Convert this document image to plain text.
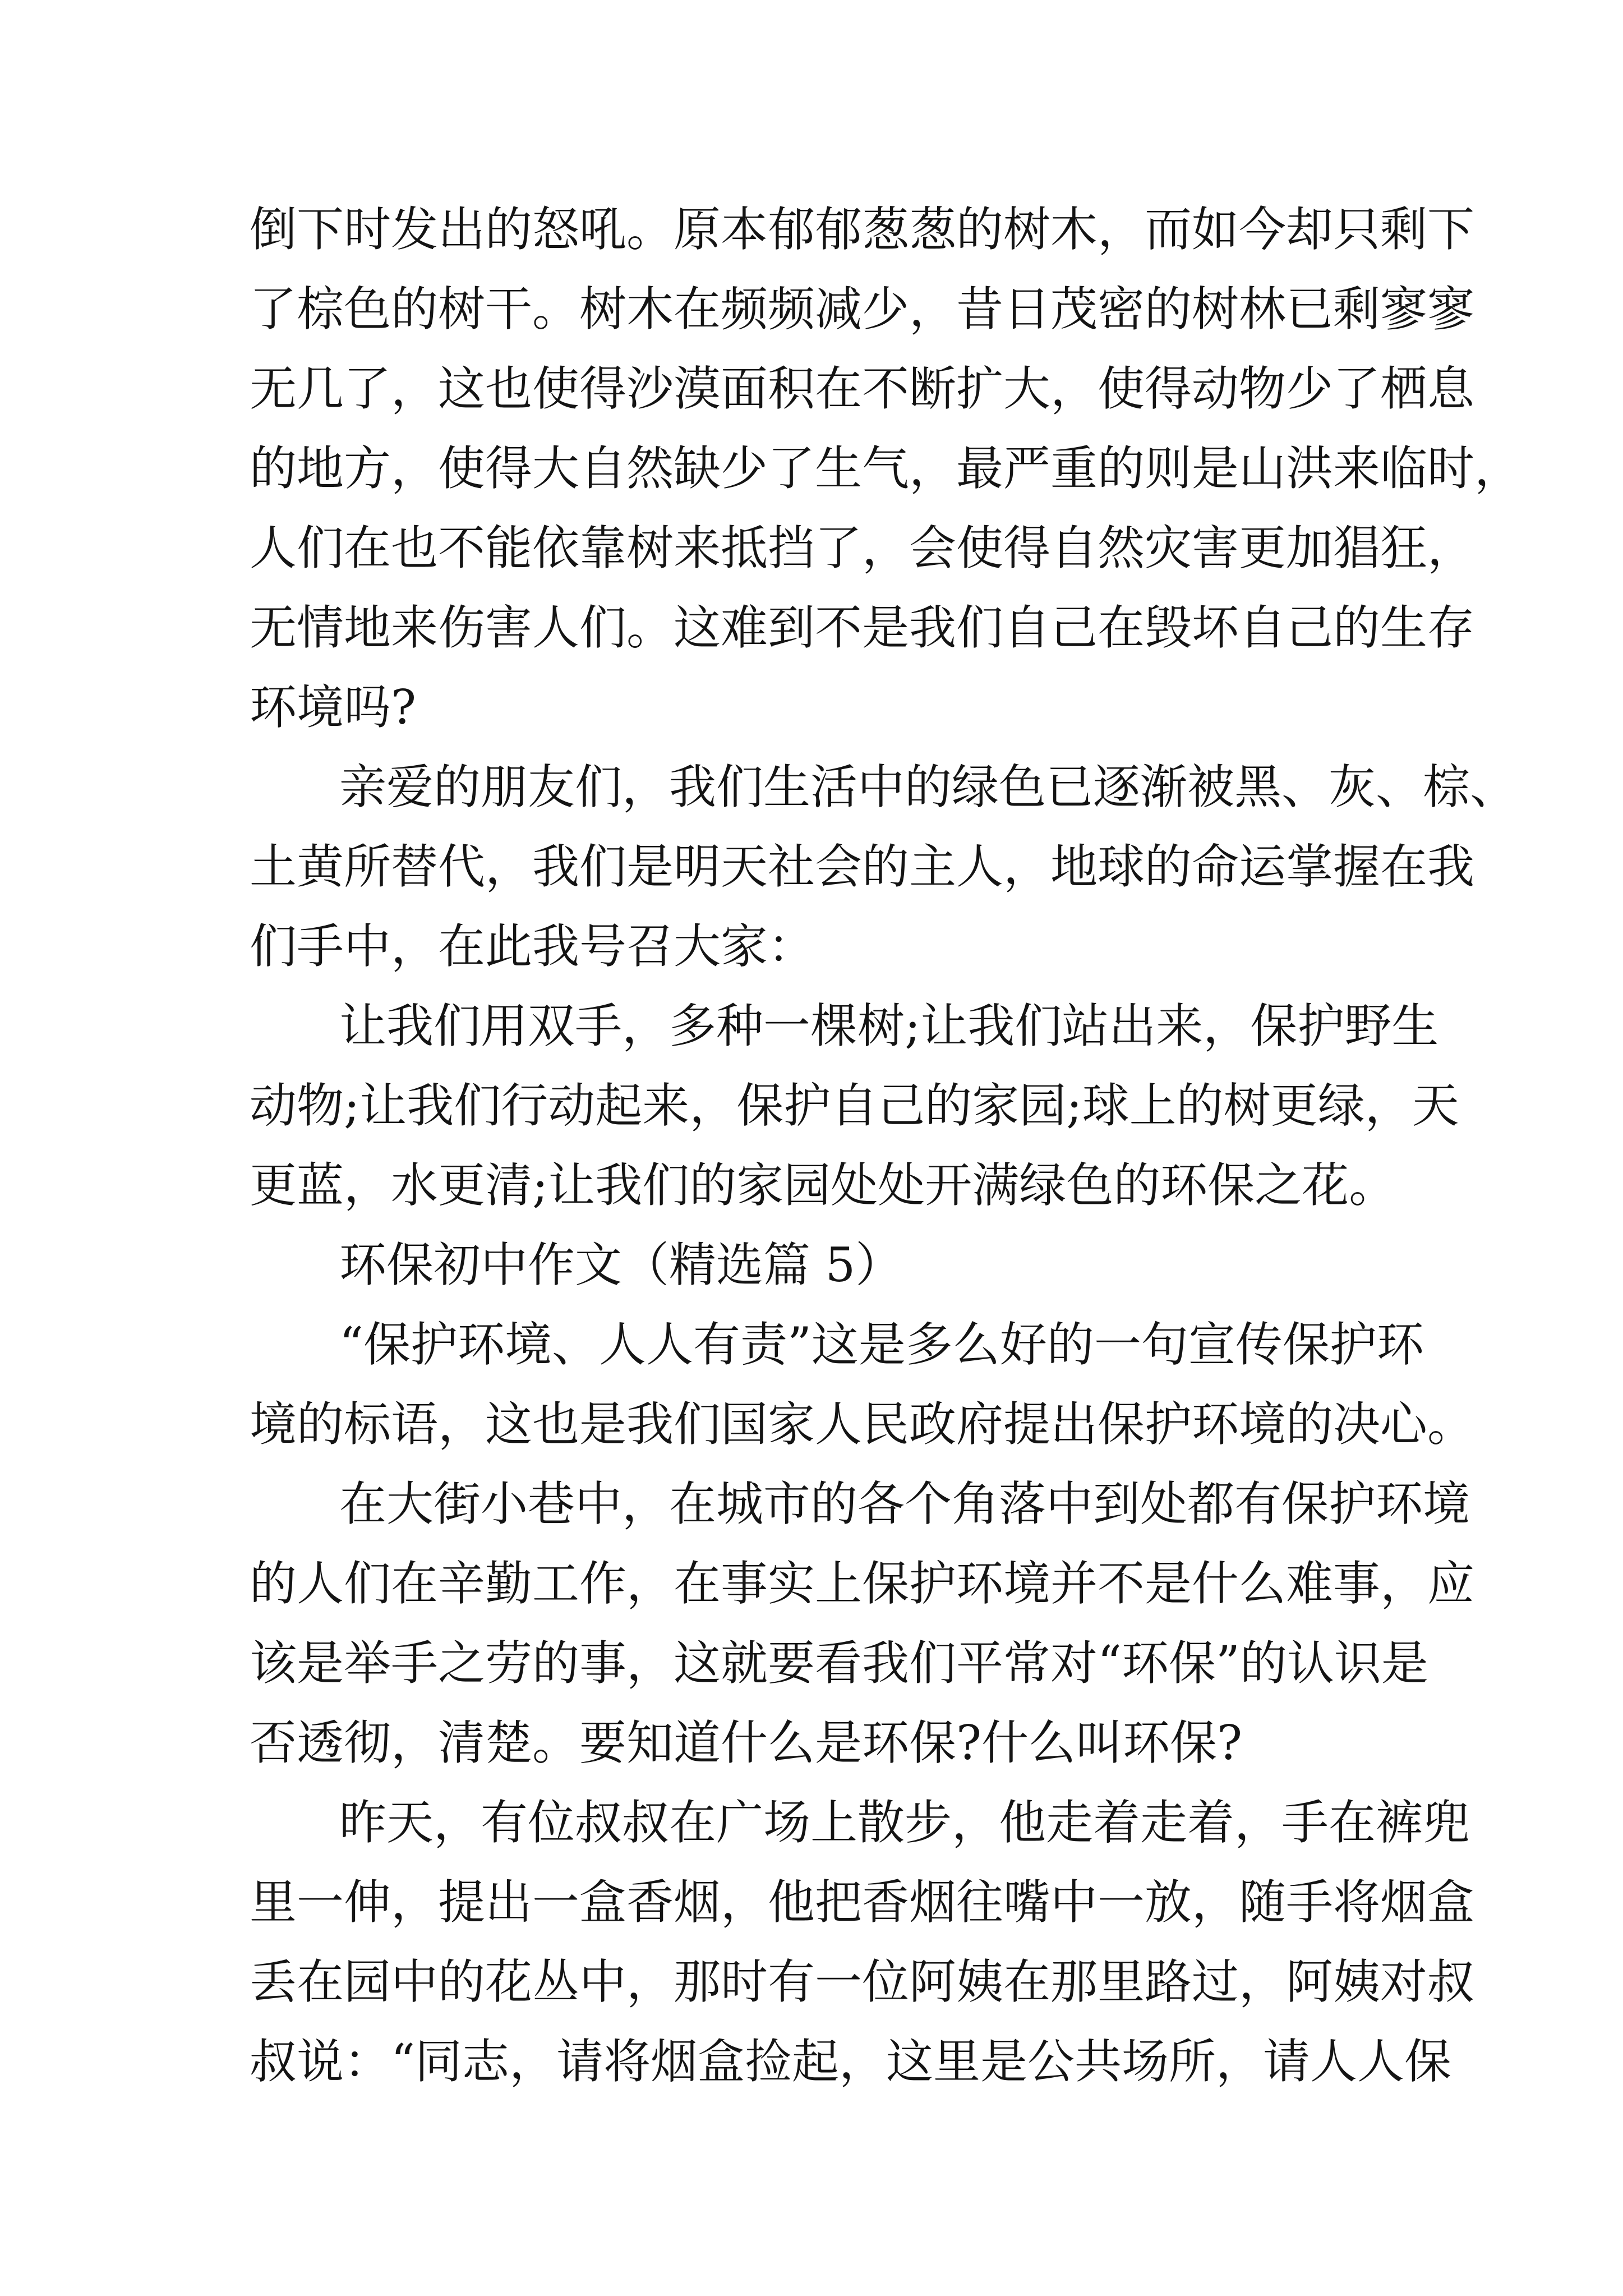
倒下时发出的怒吼。原本郁郁葱葱的树木，而如今却只剩下
了棕色的树干。树木在频频减少，昔日茂密的树林已剩寥寥
无几了，这也使得沙漠面积在不断扩大，使得动物少了栖息
的地方，使得大自然缺少了生气，最严重的则是山洪来临时，
人们在也不能依靠树来抵挡了，会使得自然灾害更加猖狂，
无情地来伤害人们。这难到不是我们自己在毁坏自己的生存
环境吗?
亲爱的朋友们，我们生活中的绿色已逐渐被黑、灰、棕、
土黄所替代，我们是明天社会的主人，地球的命运掌握在我
们手中，在此我号召大家：
让我们用双手，多种一棵树;让我们站出来，保护野生
动物;让我们行动起来，保护自己的家园;球上的树更绿，天
更蓝，水更清;让我们的家园处处开满绿色的环保之花。
环保初中作文（精选篇 5）
“保护环境、人人有责”这是多么好的一句宣传保护环
境的标语，这也是我们国家人民政府提出保护环境的决心。
在大街小巷中，在城市的各个角落中到处都有保护环境
的人们在辛勤工作，在事实上保护环境并不是什么难事，应
该是举手之劳的事，这就要看我们平常对“环保”的认识是
否透彻，清楚。要知道什么是环保?什么叫环保?
昨天，有位叔叔在广场上散步，他走着走着，手在裤兜
里一伸，提出一盒香烟，他把香烟往嘴中一放，随手将烟盒
丢在园中的花丛中，那时有一位阿姨在那里路过，阿姨对叔
叔说：“同志，请将烟盒捡起，这里是公共场所，请人人保
